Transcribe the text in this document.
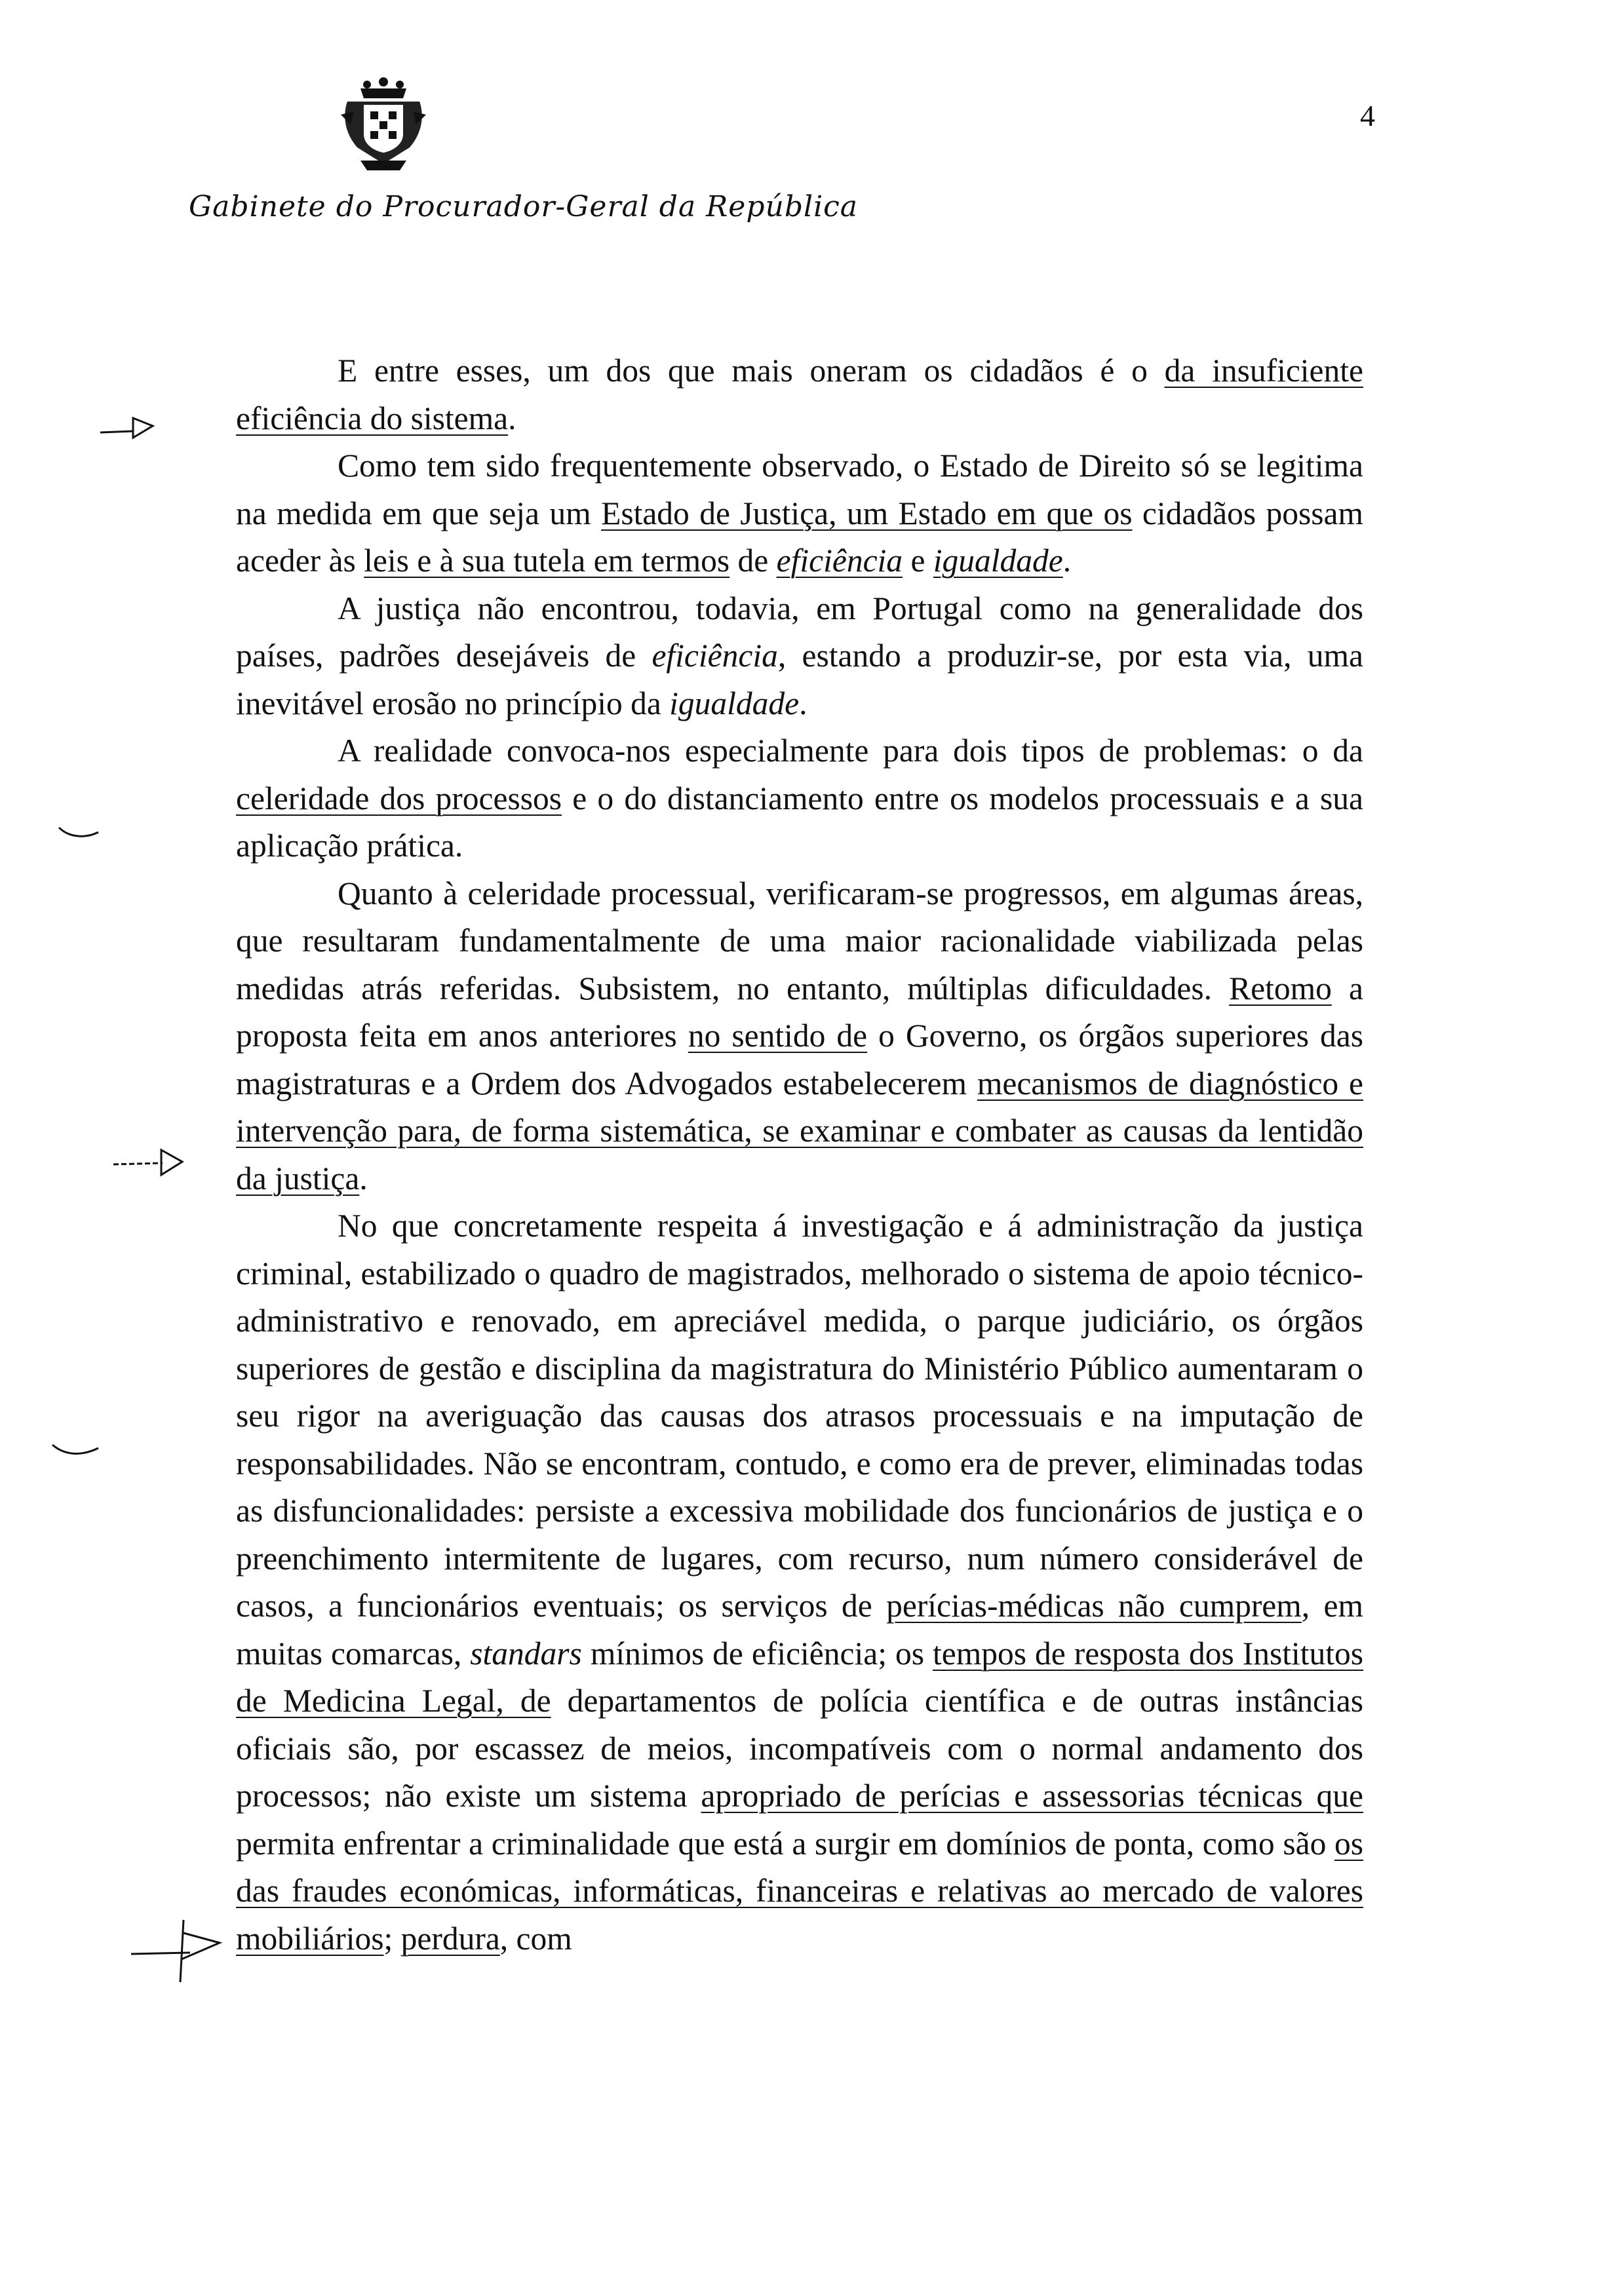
4
Gabinete do Procurador-Geral da República

E entre esses, um dos que mais oneram os cidadãos é o da insuficiente eficiência do sistema.

Como tem sido frequentemente observado, o Estado de Direito só se legitima na medida em que seja um Estado de Justiça, um Estado em que os cidadãos possam aceder às leis e à sua tutela em termos de eficiência e igualdade.

A justiça não encontrou, todavia, em Portugal como na generalidade dos países, padrões desejáveis de eficiência, estando a produzir-se, por esta via, uma inevitável erosão no princípio da igualdade.

A realidade convoca-nos especialmente para dois tipos de problemas: o da celeridade dos processos e o do distanciamento entre os modelos processuais e a sua aplicação prática.

Quanto à celeridade processual, verificaram-se progressos, em algumas áreas, que resultaram fundamentalmente de uma maior racionalidade viabilizada pelas medidas atrás referidas. Subsistem, no entanto, múltiplas dificuldades. Retomo a proposta feita em anos anteriores no sentido de o Governo, os órgãos superiores das magistraturas e a Ordem dos Advogados estabelecerem mecanismos de diagnóstico e intervenção para, de forma sistemática, se examinar e combater as causas da lentidão da justiça.

No que concretamente respeita á investigação e á administração da justiça criminal, estabilizado o quadro de magistrados, melhorado o sistema de apoio técnico-administrativo e renovado, em apreciável medida, o parque judiciário, os órgãos superiores de gestão e disciplina da magistratura do Ministério Público aumentaram o seu rigor na averiguação das causas dos atrasos processuais e na imputação de responsabilidades. Não se encontram, contudo, e como era de prever, eliminadas todas as disfuncionalidades: persiste a excessiva mobilidade dos funcionários de justiça e o preenchimento intermitente de lugares, com recurso, num número considerável de casos, a funcionários eventuais; os serviços de perícias-médicas não cumprem, em muitas comarcas, standars mínimos de eficiência; os tempos de resposta dos Institutos de Medicina Legal, de departamentos de polícia científica e de outras instâncias oficiais são, por escassez de meios, incompatíveis com o normal andamento dos processos; não existe um sistema apropriado de perícias e assessorias técnicas que permita enfrentar a criminalidade que está a surgir em domínios de ponta, como são os das fraudes económicas, informáticas, financeiras e relativas ao mercado de valores mobiliários; perdura, com
